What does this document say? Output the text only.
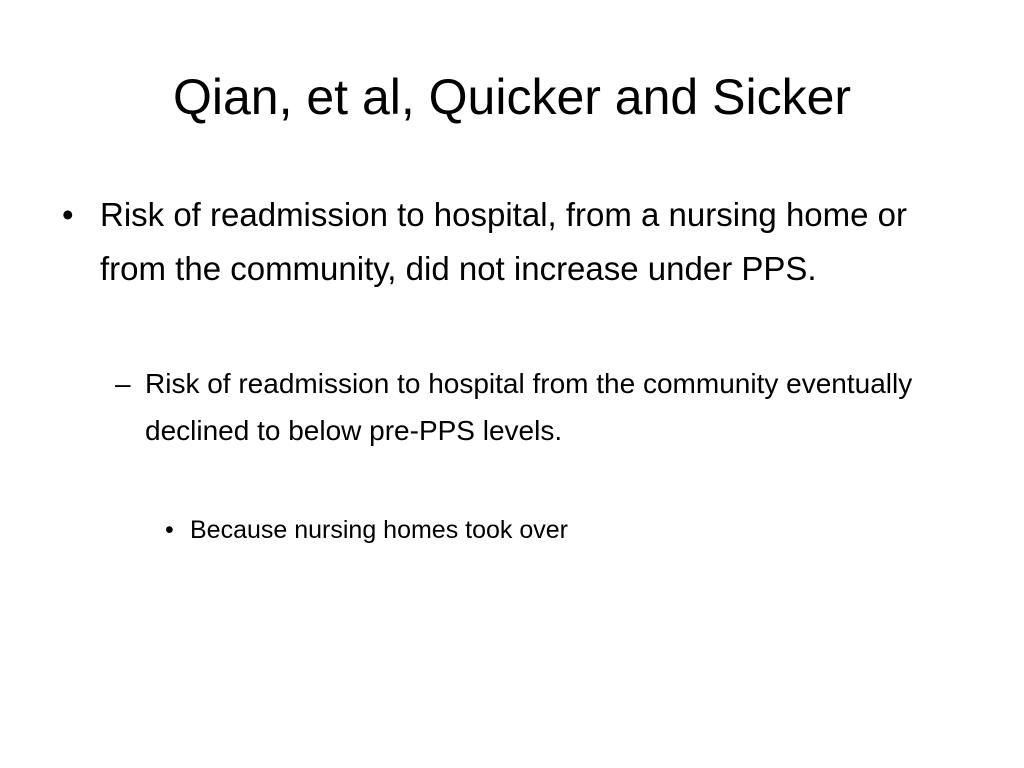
Qian, et al, Quicker and Sicker
• Risk of readmission to hospital, from a nursing home or from the community, did not increase under PPS.
– Risk of readmission to hospital from the community eventually declined to below pre-PPS levels.
• Because nursing homes took over
